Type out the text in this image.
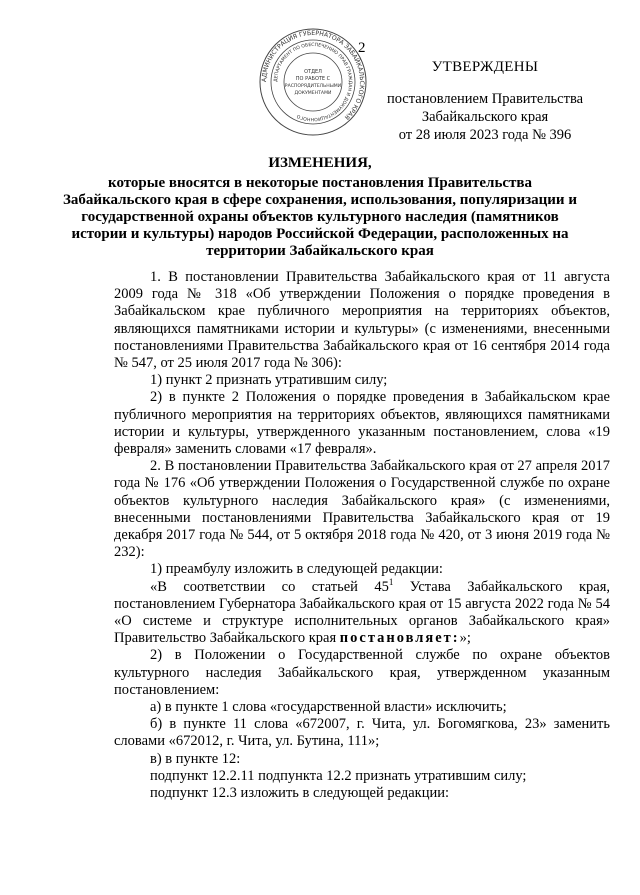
2
АДМИНИСТРАЦИЯ ГУБЕРНАТОРА ЗАБАЙКАЛЬСКОГО КРАЯ
ДЕПАРТАМЕНТ ПО ОБЕСПЕЧЕНИЮ ПРАВ ГРАЖДАН И ДОКУМЕНТАЦИОННОГО
ОТДЕЛ
ПО РАБОТЕ С
РАСПОРЯДИТЕЛЬНЫМИ
ДОКУМЕНТАМИ
УТВЕРЖДЕНЫ
постановлением Правительства
Забайкальского края
от 28 июля 2023 года № 396
ИЗМЕНЕНИЯ,
которые вносятся в некоторые постановления Правительства Забайкальского края в сфере сохранения, использования, популяризации и государственной охраны объектов культурного наследия (памятников истории и культуры) народов Российской Федерации, расположенных на территории Забайкальского края
1. В постановлении Правительства Забайкальского края от 11 августа 2009 года № 318 «Об утверждении Положения о порядке проведения в Забайкальском крае публичного мероприятия на территориях объектов, являющихся памятниками истории и культуры» (с изменениями, внесенными постановлениями Правительства Забайкальского края от 16 сентября 2014 года № 547, от 25 июля 2017 года № 306):
1) пункт 2 признать утратившим силу;
2) в пункте 2 Положения о порядке проведения в Забайкальском крае публичного мероприятия на территориях объектов, являющихся памятниками истории и культуры, утвержденного указанным постановлением, слова «19 февраля» заменить словами «17 февраля».
2. В постановлении Правительства Забайкальского края от 27 апреля 2017 года № 176 «Об утверждении Положения о Государственной службе по охране объектов культурного наследия Забайкальского края» (с изменениями, внесенными постановлениями Правительства Забайкальского края от 19 декабря 2017 года № 544, от 5 октября 2018 года № 420, от 3 июня 2019 года № 232):
1) преамбулу изложить в следующей редакции:
«В соответствии со статьей $45^1$ Устава Забайкальского края, постановлением Губернатора Забайкальского края от 15 августа 2022 года № 54 «О системе и структуре исполнительных органов Забайкальского края» Правительство Забайкальского края постановляет:»;
2) в Положении о Государственной службе по охране объектов культурного наследия Забайкальского края, утвержденном указанным постановлением:
а) в пункте 1 слова «государственной власти» исключить;
б) в пункте 11 слова «672007, г. Чита, ул. Богомягкова, 23» заменить словами «672012, г. Чита, ул. Бутина, 111»;
в) в пункте 12:
подпункт 12.2.11 подпункта 12.2 признать утратившим силу;
подпункт 12.3 изложить в следующей редакции:
